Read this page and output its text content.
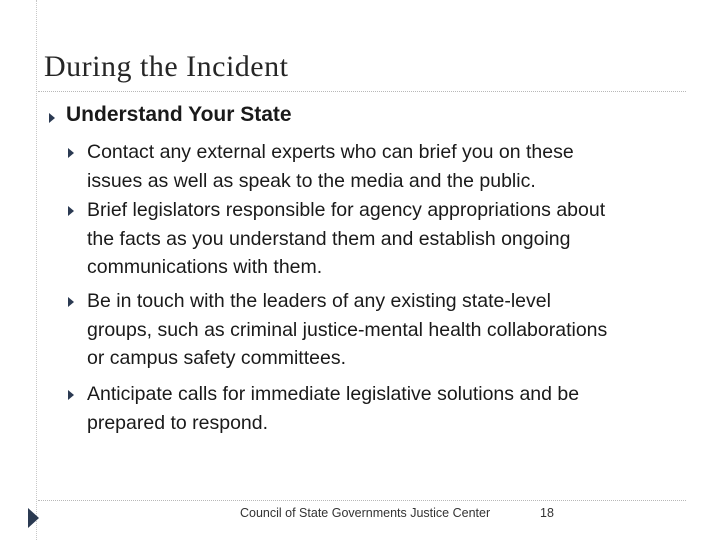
During the Incident
Understand Your State
Contact any external experts who can brief you on these
issues as well as speak to the media and the public.
Brief legislators responsible for agency appropriations about
the facts as you understand them and establish ongoing
communications with them.
Be in touch with the leaders of any existing state-level
groups, such as criminal justice-mental health collaborations
or campus safety committees.
Anticipate calls for immediate legislative solutions and be
prepared to respond.
Council of State Governments Justice Center	18
